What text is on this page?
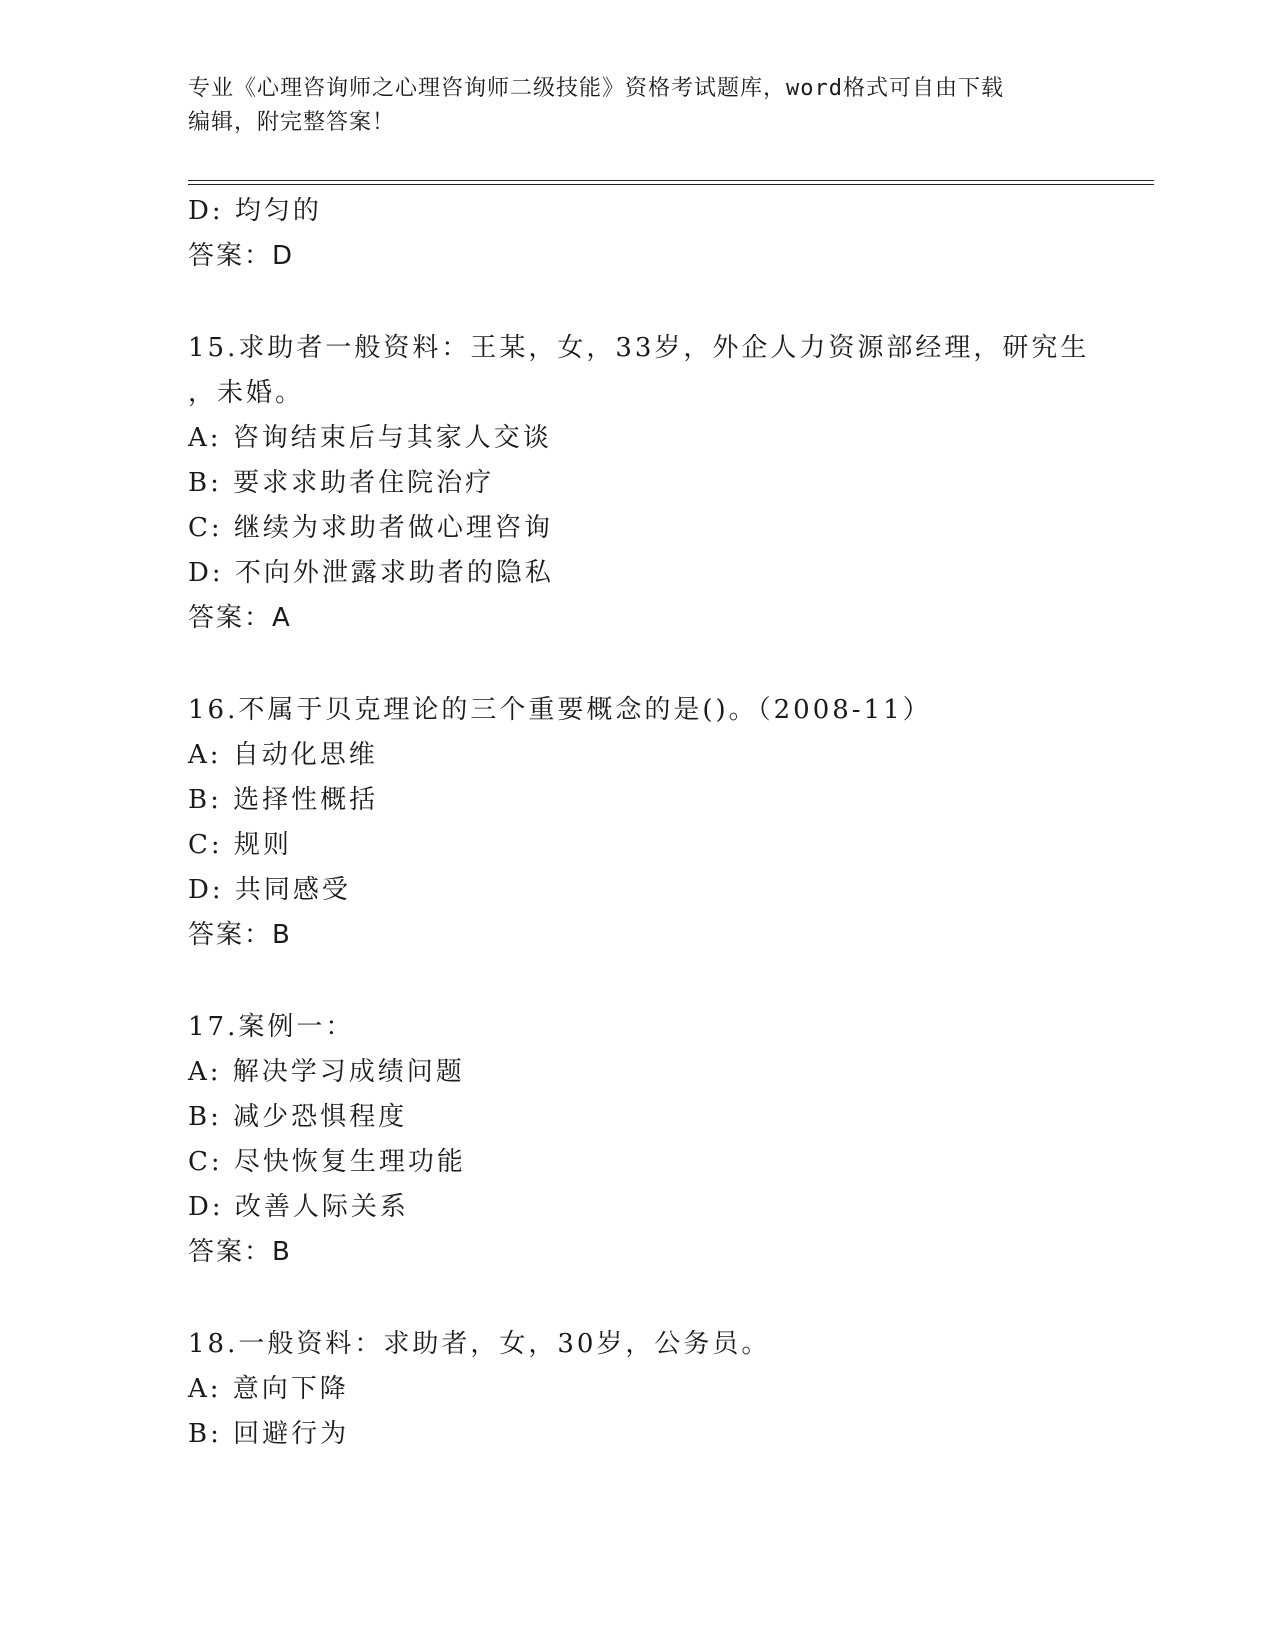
专业《心理咨询师之心理咨询师二级技能》资格考试题库，word格式可自由下载
编辑，附完整答案！
D: 均匀的
答案：D
15.求助者一般资料：王某，女，33岁，外企人力资源部经理，研究生
，未婚。
A: 咨询结束后与其家人交谈
B: 要求求助者住院治疗
C: 继续为求助者做心理咨询
D: 不向外泄露求助者的隐私
答案：A
16.不属于贝克理论的三个重要概念的是()。（2008-11）
A: 自动化思维
B: 选择性概括
C: 规则
D: 共同感受
答案：B
17.案例一：
A: 解决学习成绩问题
B: 减少恐惧程度
C: 尽快恢复生理功能
D: 改善人际关系
答案：B
18.一般资料：求助者，女，30岁，公务员。
A: 意向下降
B: 回避行为
